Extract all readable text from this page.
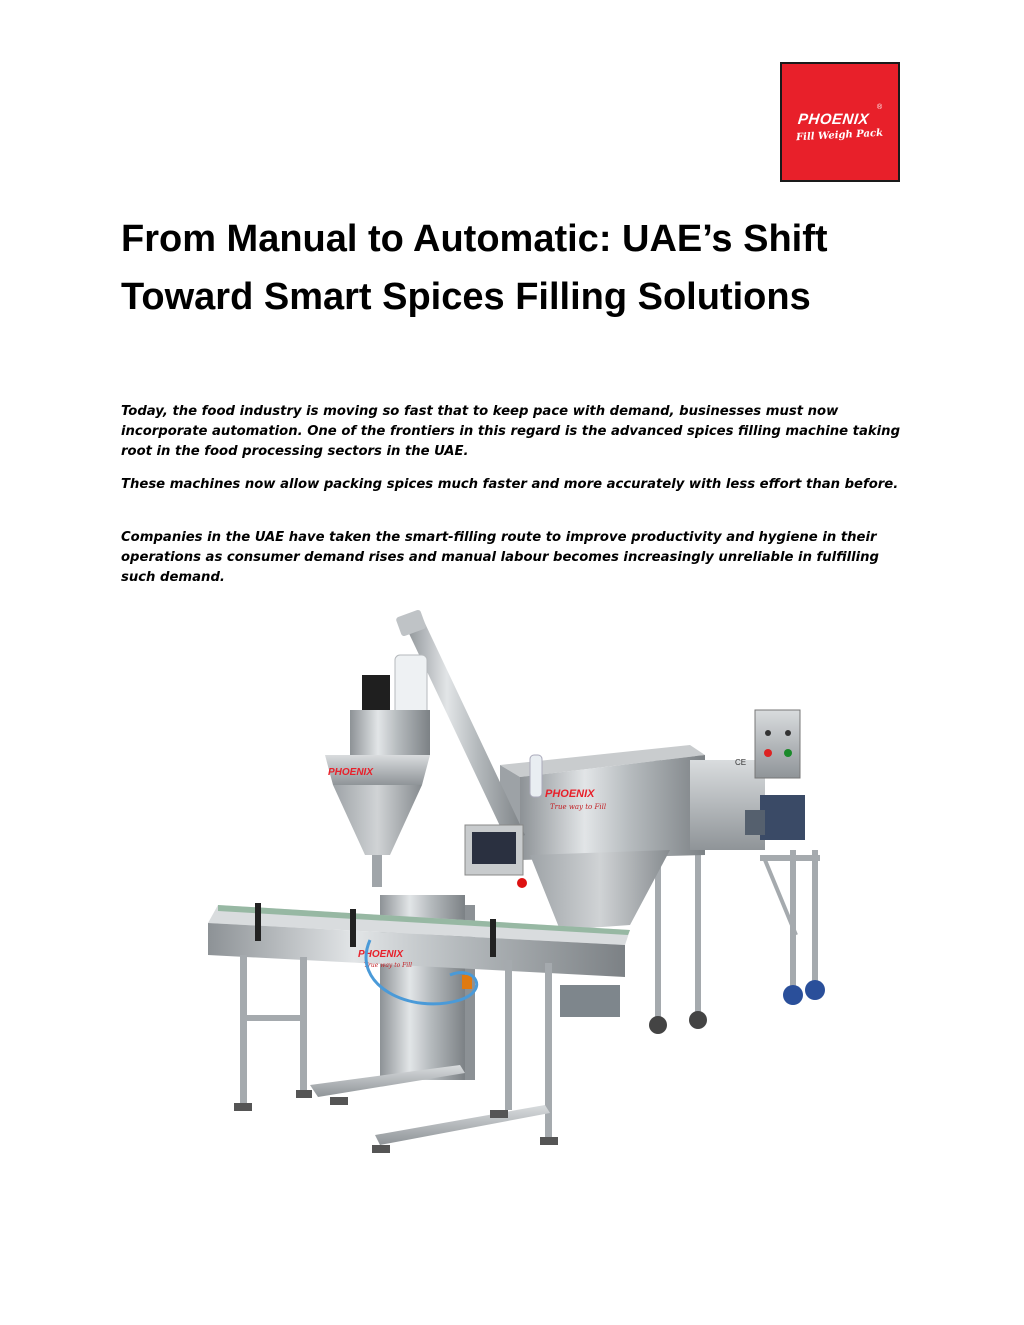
PHOENIX
®
Fill Weigh Pack
From Manual to Automatic: UAE’s Shift Toward Smart Spices Filling Solutions

Today, the food industry is moving so fast that to keep pace with demand, businesses must now incorporate automation. One of the frontiers in this regard is the advanced spices filling machine taking root in the food processing sectors in the UAE.

These machines now allow packing spices much faster and more accurately with less effort than before.

Companies in the UAE have taken the smart-filling route to improve productivity and hygiene in their operations as consumer demand rises and manual labour becomes increasingly unreliable in fulfilling such demand.

CE
PHOENIX
True way to Fill
PHOENIX
PHOENIX
True way to Fill
